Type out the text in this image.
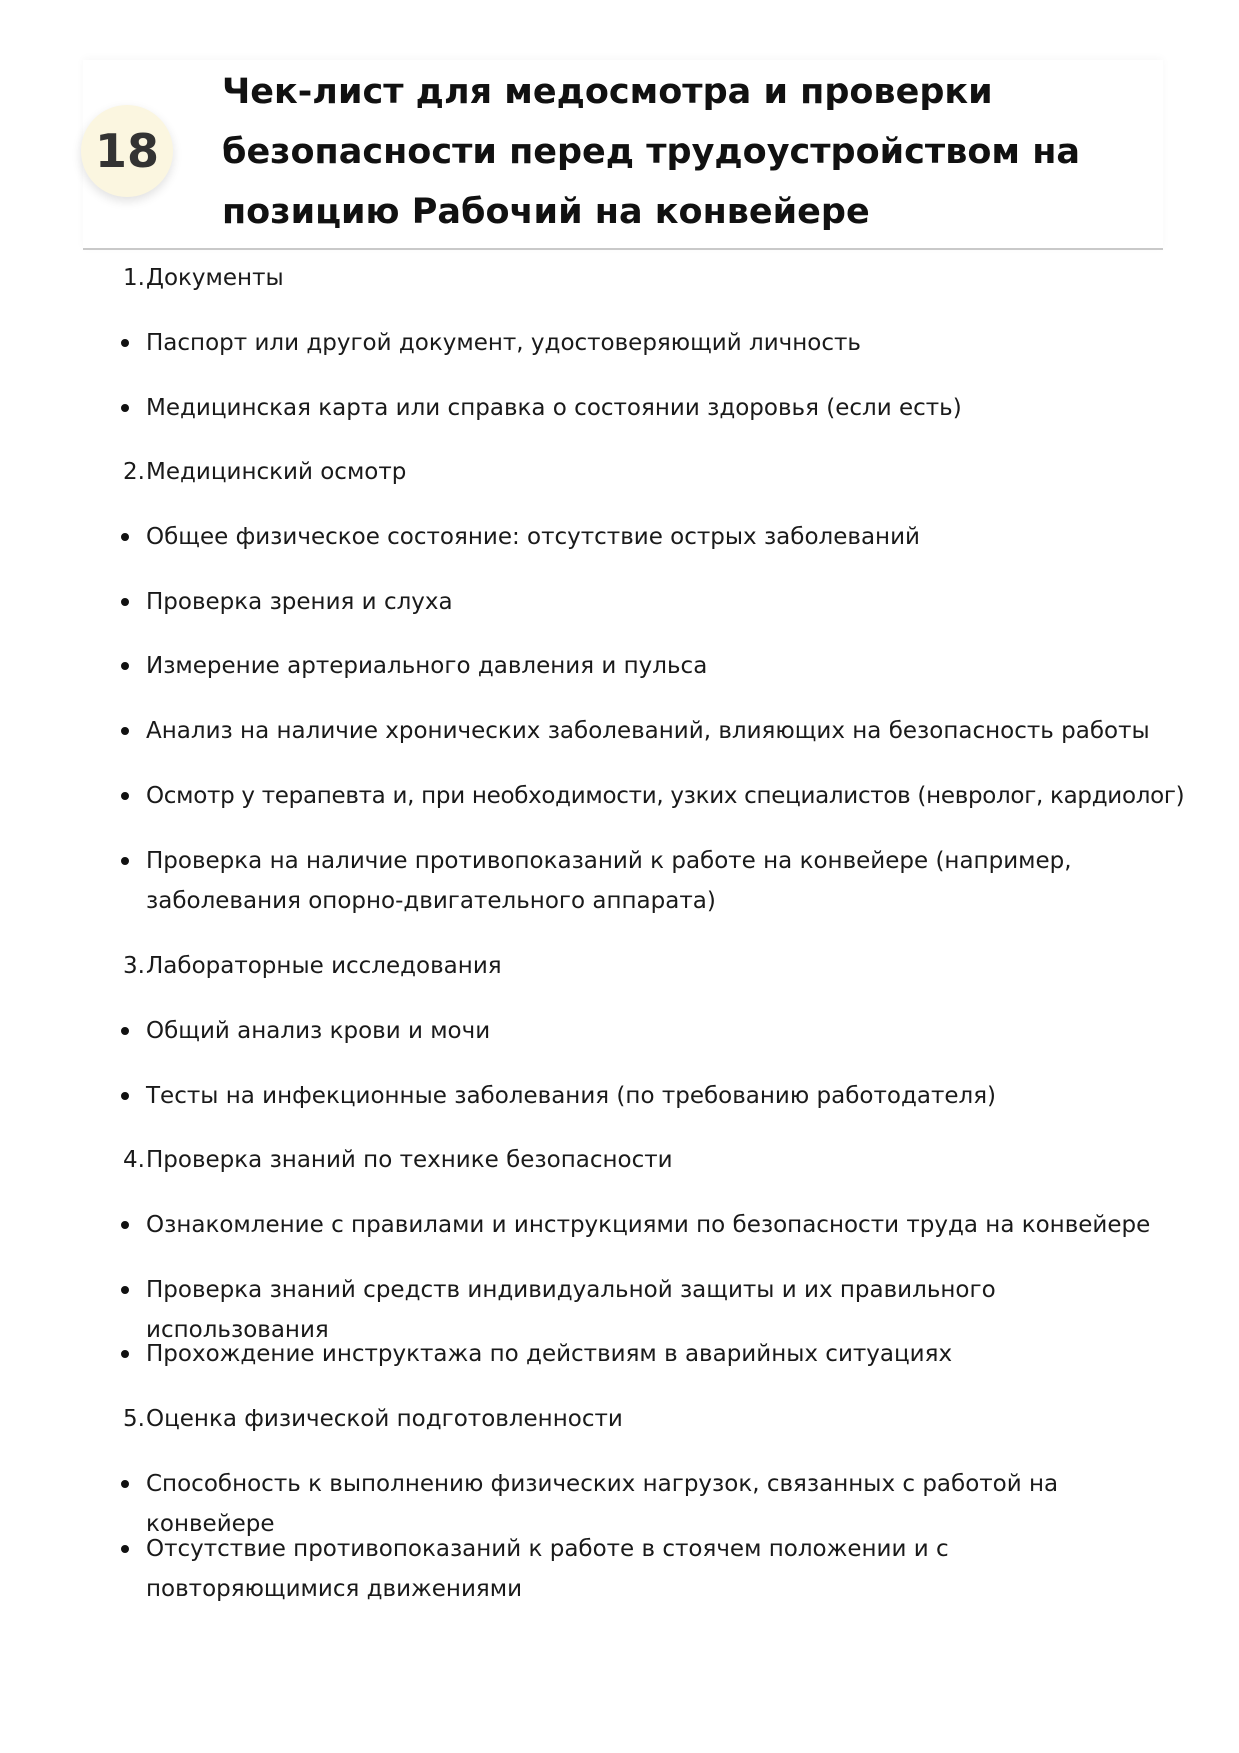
18
Чек-лист для медосмотра и проверки безопасности перед трудоустройством на позицию Рабочий на конвейере
1. Документы
Паспорт или другой документ, удостоверяющий личность
Медицинская карта или справка о состоянии здоровья (если есть)
2. Медицинский осмотр
Общее физическое состояние: отсутствие острых заболеваний
Проверка зрения и слуха
Измерение артериального давления и пульса
Анализ на наличие хронических заболеваний, влияющих на безопасность работы
Осмотр у терапевта и, при необходимости, узких специалистов (невролог, кардиолог)
Проверка на наличие противопоказаний к работе на конвейере (например, заболевания опорно-двигательного аппарата)
3. Лабораторные исследования
Общий анализ крови и мочи
Тесты на инфекционные заболевания (по требованию работодателя)
4. Проверка знаний по технике безопасности
Ознакомление с правилами и инструкциями по безопасности труда на конвейере
Проверка знаний средств индивидуальной защиты и их правильного использования
Прохождение инструктажа по действиям в аварийных ситуациях
5. Оценка физической подготовленности
Способность к выполнению физических нагрузок, связанных с работой на конвейере
Отсутствие противопоказаний к работе в стоячем положении и с повторяющимися движениями
